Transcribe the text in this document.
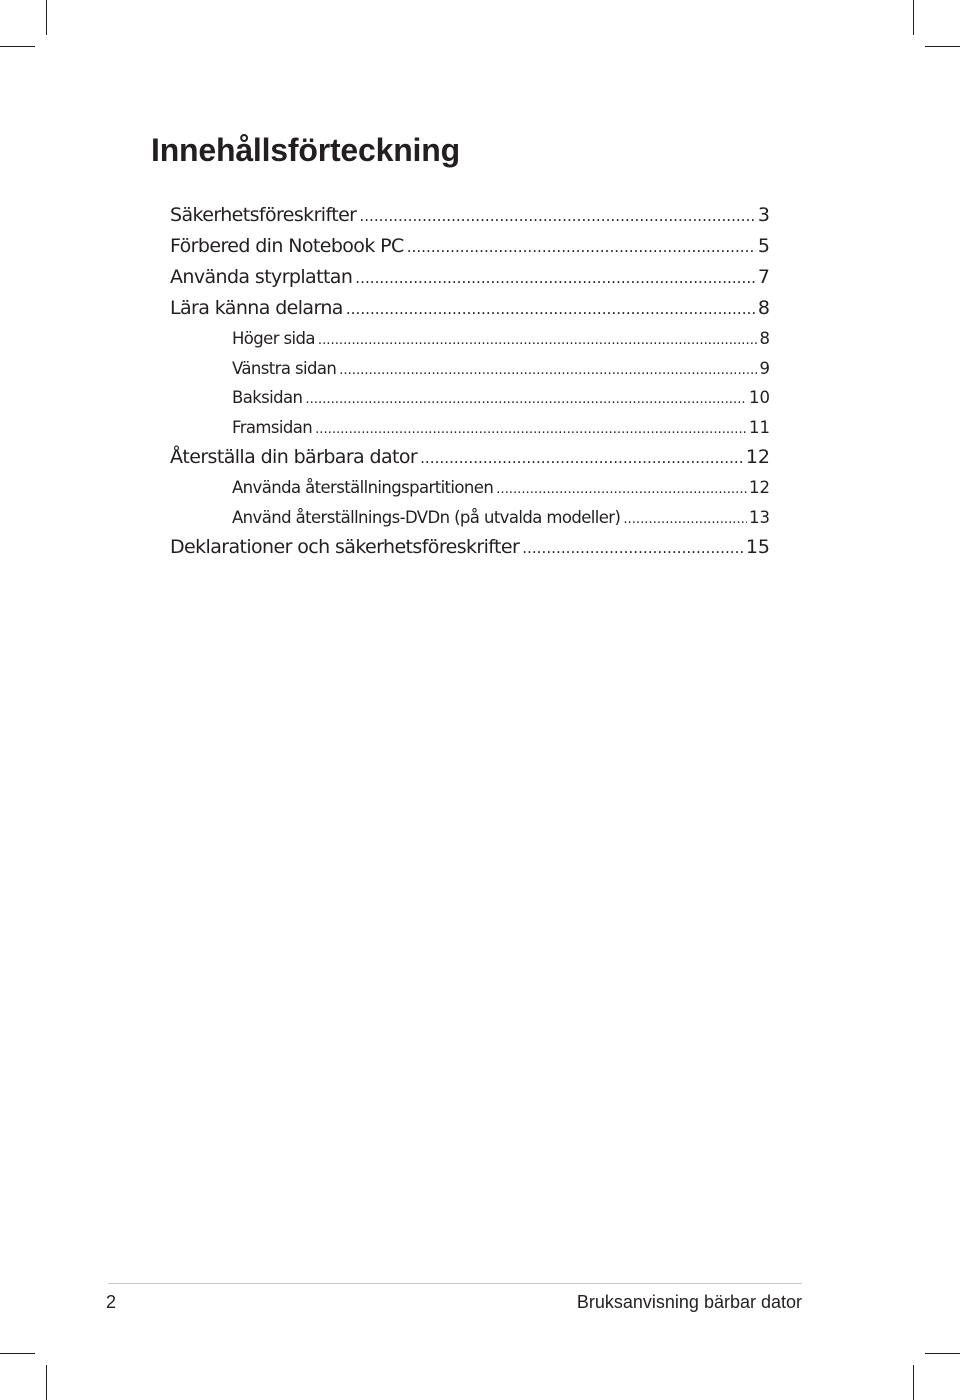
Innehållsförteckning
Säkerhetsföreskrifter .....	3
Förbered din Notebook PC .....	5
Använda styrplattan .....	7
Lära känna delarna .....	8
Höger sida .....	8
Vänstra sidan .....	9
Baksidan .....	10
Framsidan .....	11
Återställa din bärbara dator .....	12
Använda återställningspartitionen .....	12
Använd återställnings-DVDn (på utvalda modeller) .....	13
Deklarationer och säkerhetsföreskrifter .....	15
2	Bruksanvisning bärbar dator
